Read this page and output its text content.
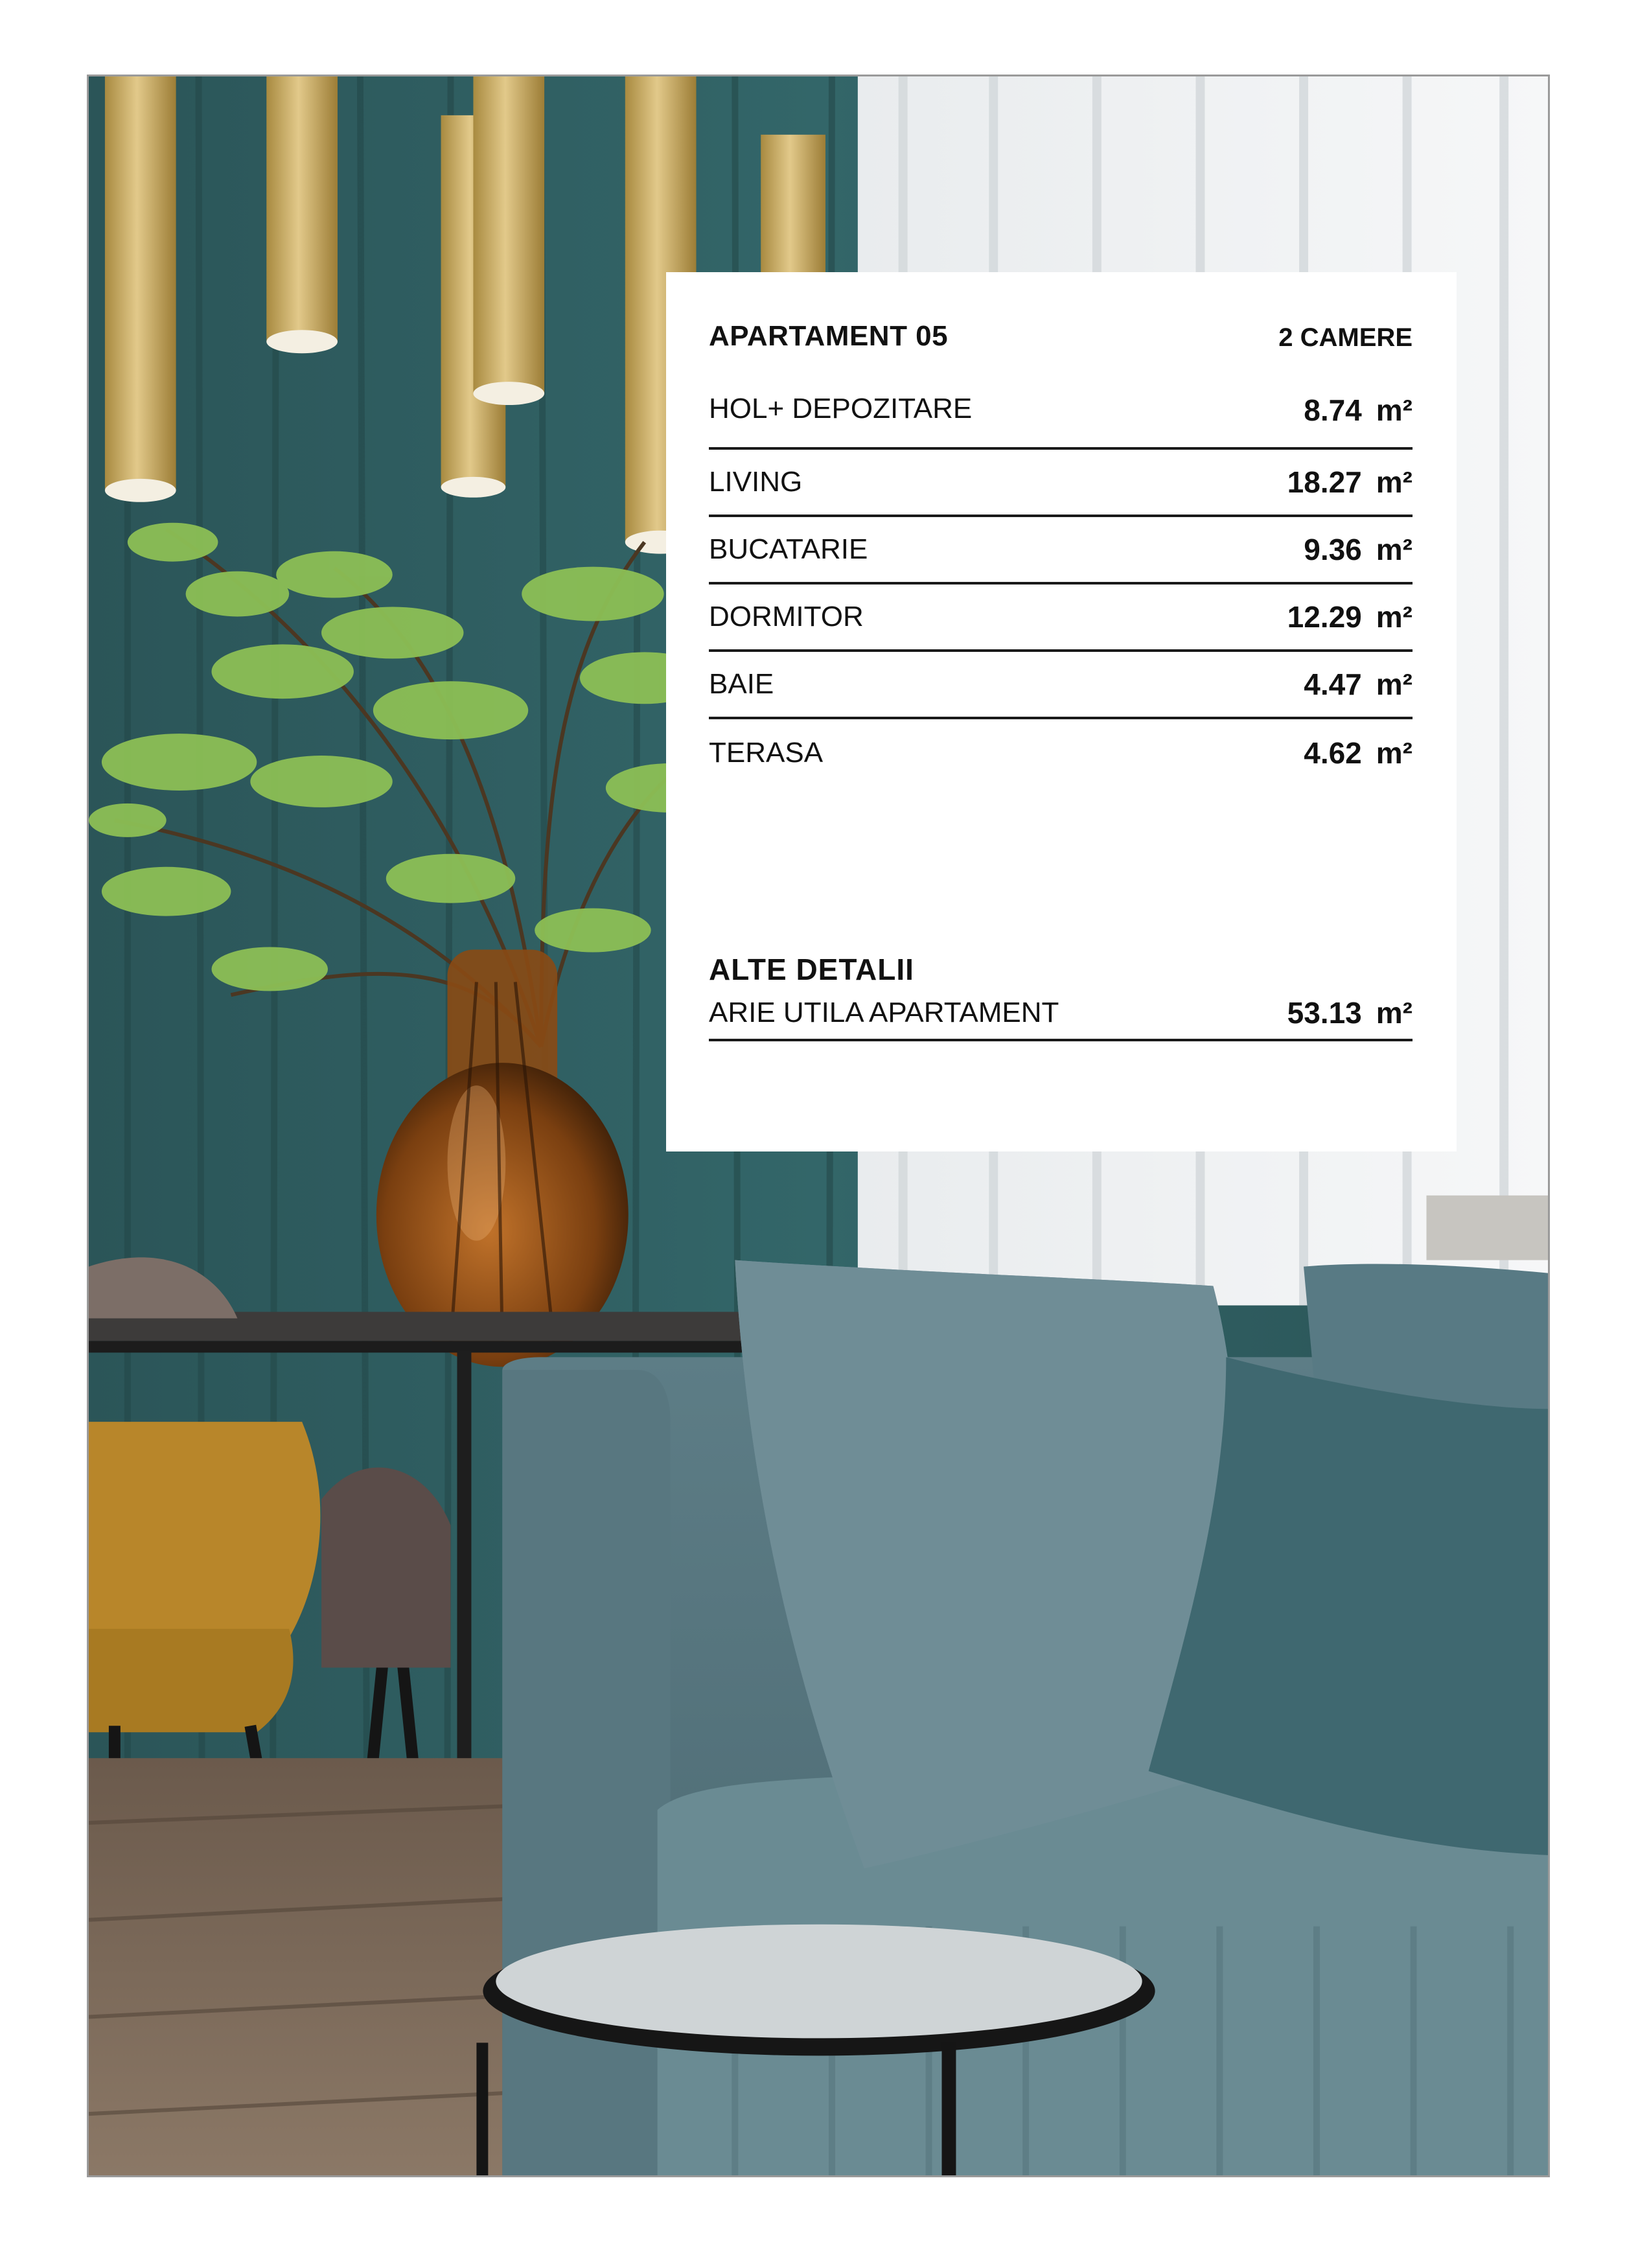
APARTAMENT 05	2 CAMERE
HOL+ DEPOZITARE	8.74 m²
LIVING	18.27 m²
BUCATARIE	9.36 m²
DORMITOR	12.29 m²
BAIE	4.47 m²
TERASA	4.62 m²
ALTE DETALII
ARIE UTILA APARTAMENT	53.13 m²
